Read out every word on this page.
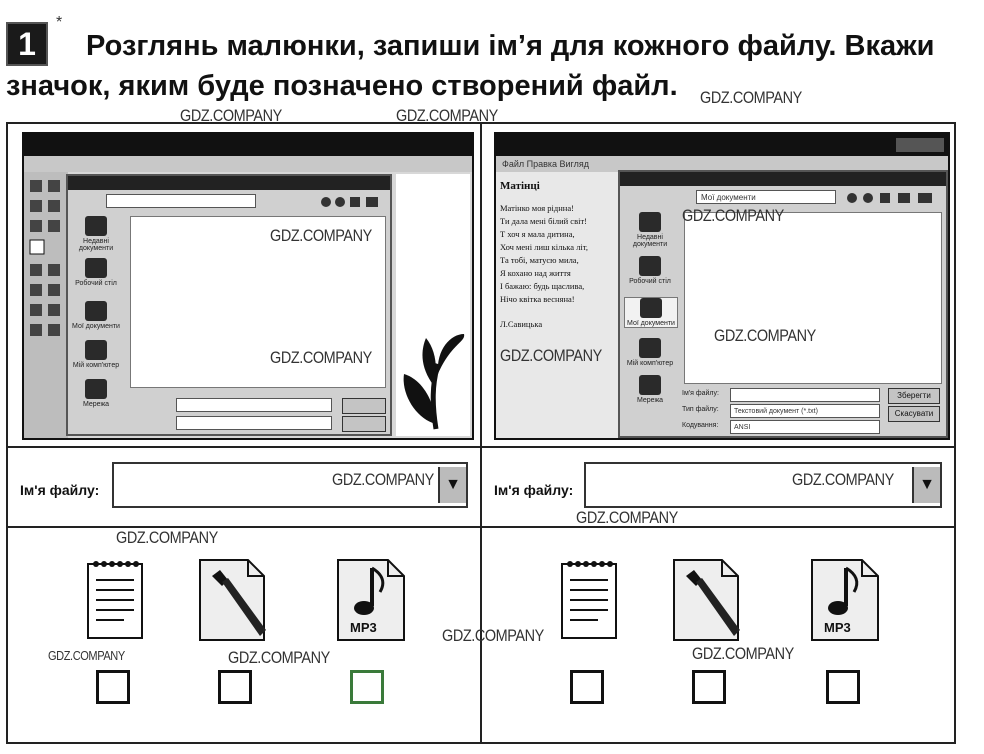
1
*
Розглянь малюнки, запиши ім’я для кожного файлу. Вкажи
значок, яким буде позначено створений файл.
Недавні документи
Робочий стіл
Мої документи
Мій комп'ютер
Мережа
Файл Правка Вигляд
Матінці
Матінко моя ріднна!
Ти дала мені білий світ!
Т хоч я мала дитина,
Хоч мені лиш кілька літ,
Та тобі, матусю мила,
Я кохано над життя
І бажаю: будь щаслива,
Нічо квітка весняна!
Л.Савицька
Мої документи
Недавні документи
Робочий стіл
Мої документи
Мій комп'ютер
Мережа
Ім'я файлу:
Тип файлу:
Кодування:
Текстовий документ (*.txt)
ANSI
Зберегти
Скасувати
Ім'я файлу:	▼	Ім'я файлу:	▼
MP3	MP3
GDZ.COMPANY
GDZ.COMPANY	GDZ.COMPANY
GDZ.COMPANY
GDZ.COMPANY
GDZ.COMPANY	GDZ.COMPANY
GDZ.COMPANY
GDZ.COMPANY	GDZ.COMPANY
GDZ.COMPANY
GDZ.COMPANY
GDZ.COMPANY
GDZ.COMPANY	GDZ.COMPANY	GDZ.COMPANY
